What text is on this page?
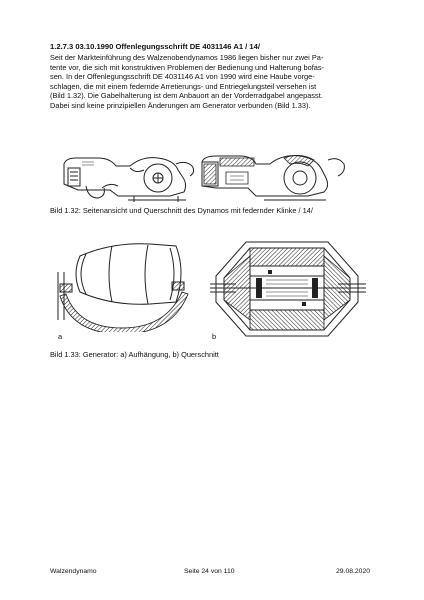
1.2.7.3 03.10.1990 Offenlegungsschrift DE 4031146 A1 / 14/
Seit der Markteinführung des Walzenobendynamos 1986 liegen bisher nur zwei Pa-
tente vor, die sich mit konstruktiven Problemen der Bedienung und Halterung bofas-
sen. In der Offenlegungsschrift DE 4031146 A1 von 1990 wird eine Haube vorge-
schlagen, die mit einem federnde Arretierungs- und Entriegelungsteil versehen ist
(Bild 1.32). Die Gabelhalterung ist dem Anbauort an der Vorderradgabel angepasst.
Dabei sind keine prinzipiellen Änderungen am Generator verbunden (Bild 1.33).
Bild 1.32: Seitenansicht und Querschnitt des Dynamos mit federnder Klinke / 14/
a	b
Bild 1.33: Generator: a) Aufhängung, b) Querschnitt
Walzendynamo	Seite 24 von 110	29.08.2020
